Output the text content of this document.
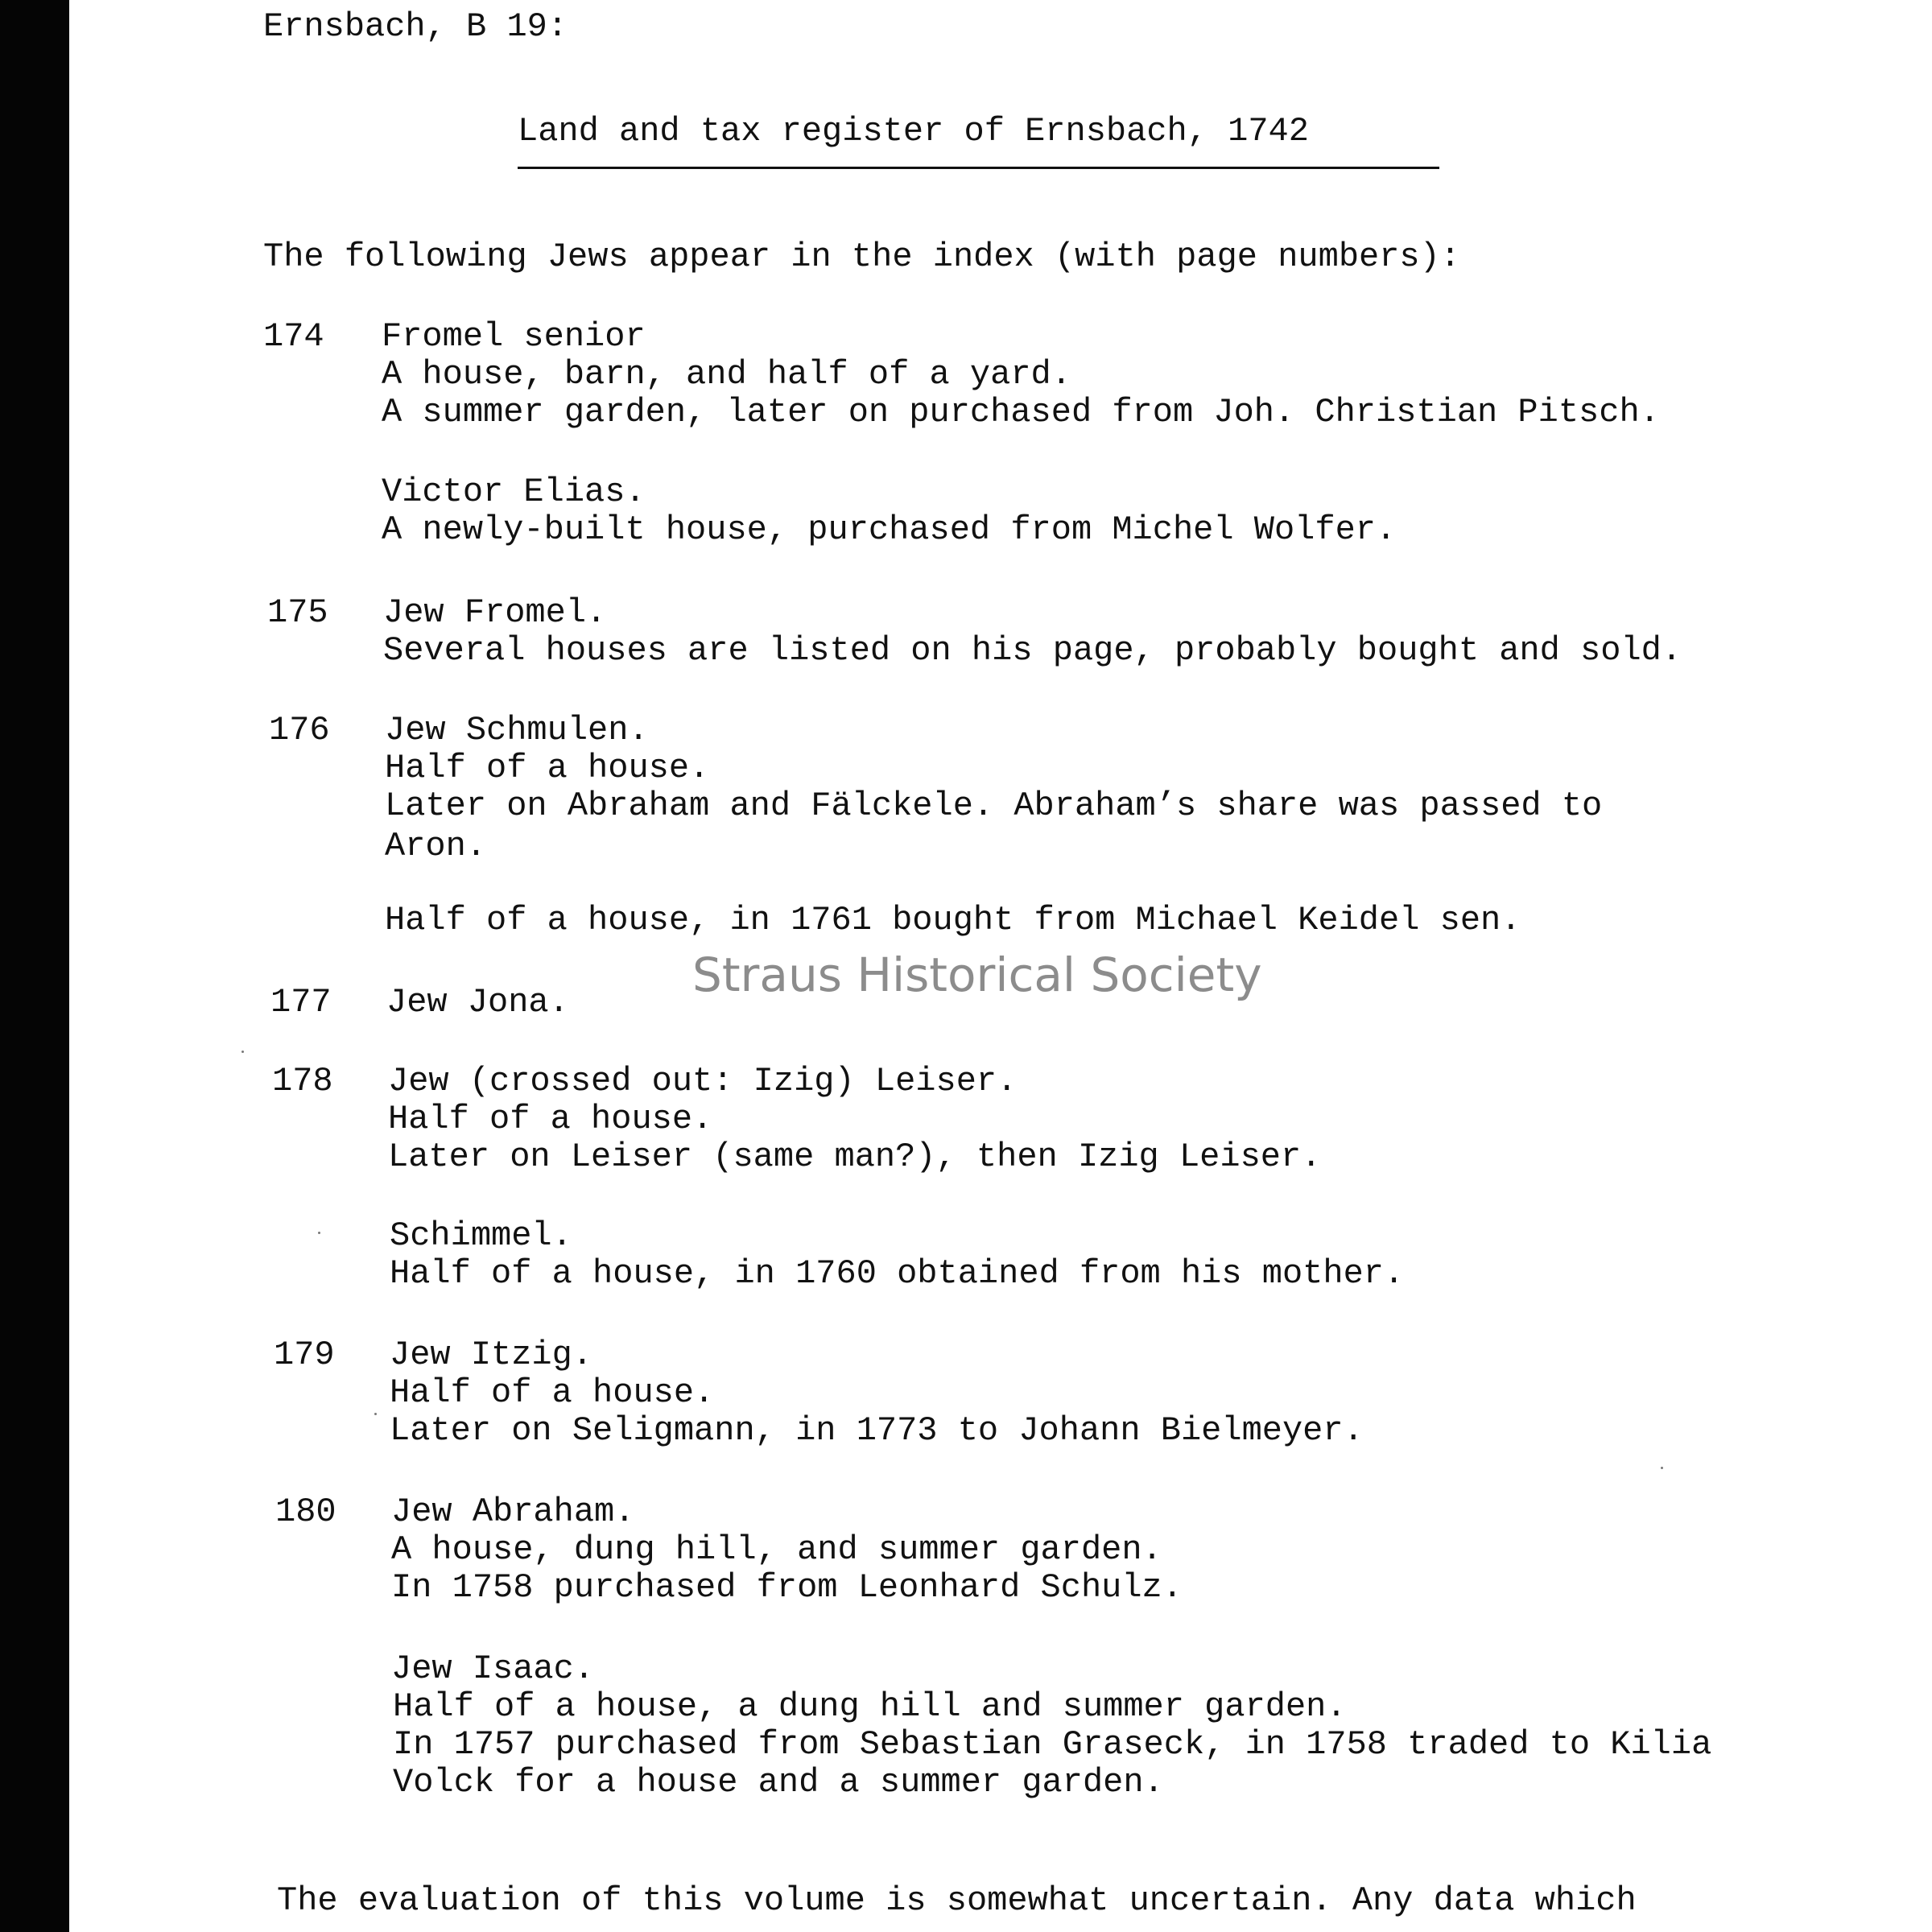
Ernsbach, B 19:
Land and tax register of Ernsbach, 1742
The following Jews appear in the index (with page numbers):
174 Fromel senior
A house, barn, and half of a yard.
A summer garden, later on purchased from Joh. Christian Pitsch.
Victor Elias.
A newly-built house, purchased from Michel Wolfer.
175 Jew Fromel.
Several houses are listed on his page, probably bought and sold.
176 Jew Schmulen.
Half of a house.
Later on Abraham and Fälckele. Abraham’s share was passed to
Aron.
Half of a house, in 1761 bought from Michael Keidel sen.
Straus Historical Society
177 Jew Jona.
178 Jew (crossed out: Izig) Leiser.
Half of a house.
Later on Leiser (same man?), then Izig Leiser.
Schimmel.
Half of a house, in 1760 obtained from his mother.
179 Jew Itzig.
Half of a house.
Later on Seligmann, in 1773 to Johann Bielmeyer.
180 Jew Abraham.
A house, dung hill, and summer garden.
In 1758 purchased from Leonhard Schulz.
Jew Isaac.
Half of a house, a dung hill and summer garden.
In 1757 purchased from Sebastian Graseck, in 1758 traded to Kilia
Volck for a house and a summer garden.
The evaluation of this volume is somewhat uncertain. Any data which
